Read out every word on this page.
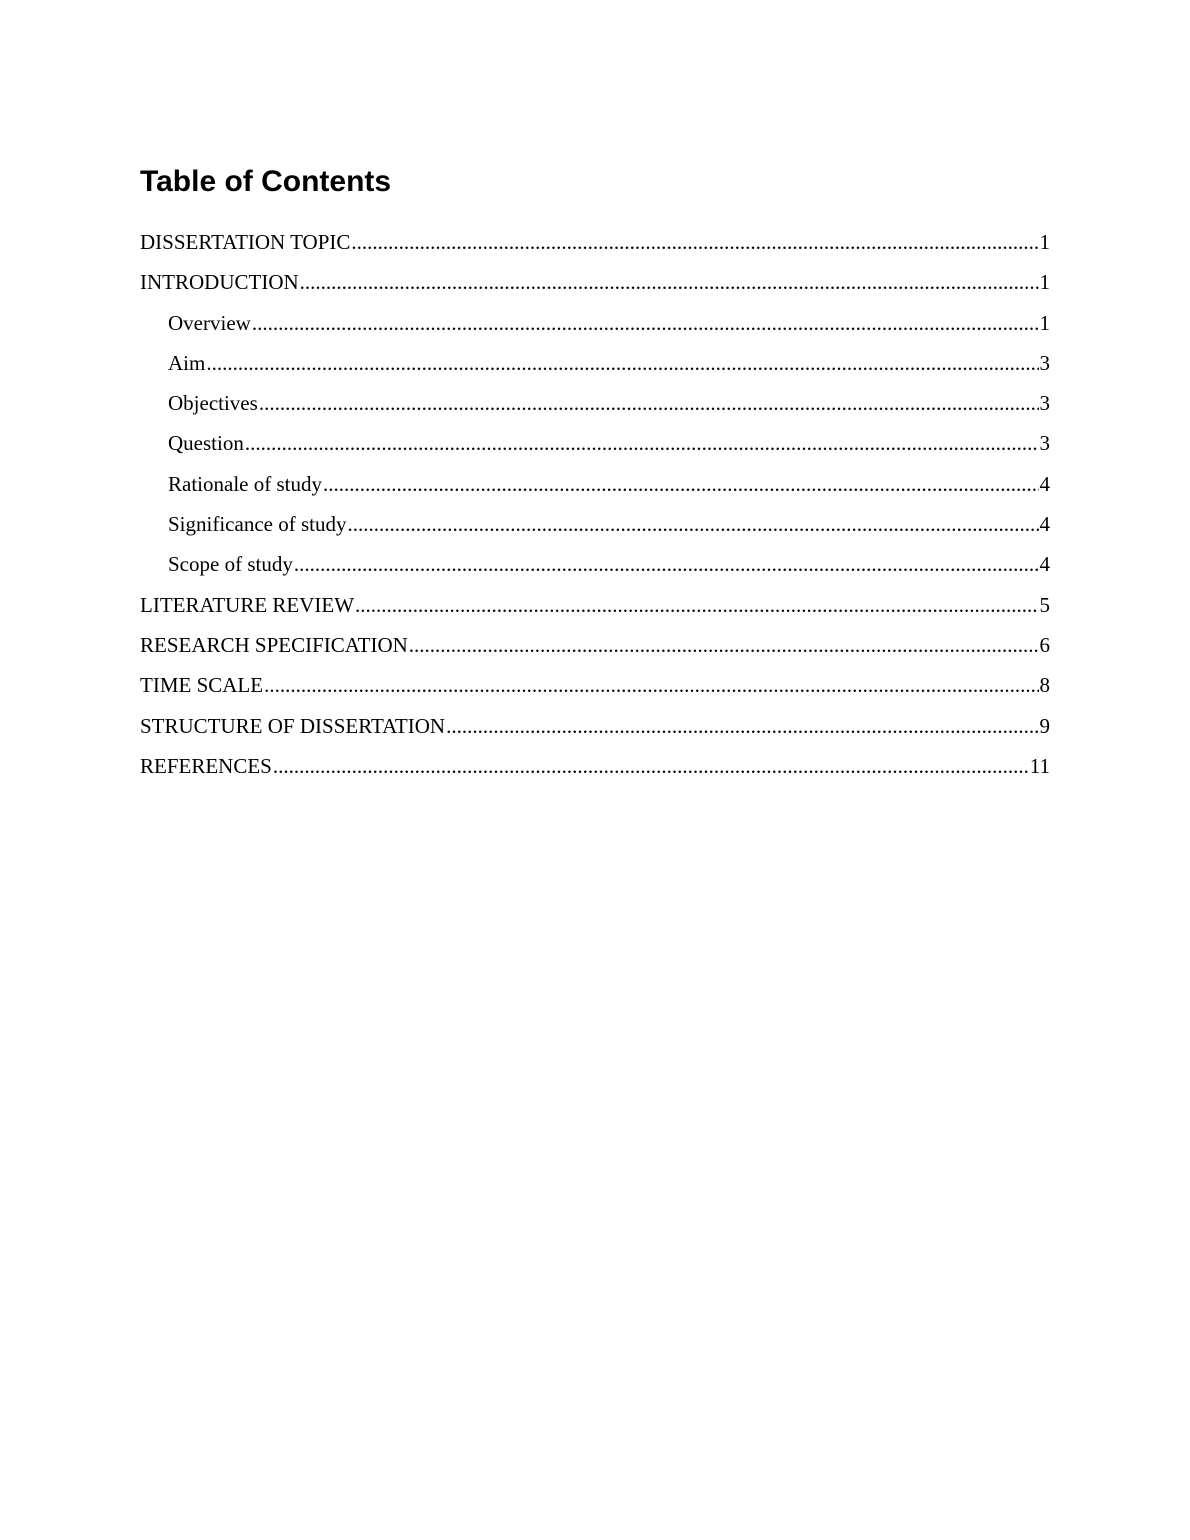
Table of Contents
DISSERTATION TOPIC .....	1
INTRODUCTION .....	1
Overview .....	1
Aim .....	3
Objectives .....	3
Question .....	3
Rationale of study .....	4
Significance of study .....	4
Scope of study .....	4
LITERATURE REVIEW .....	5
RESEARCH SPECIFICATION .....	6
TIME SCALE .....	8
STRUCTURE OF DISSERTATION .....	9
REFERENCES .....	11
